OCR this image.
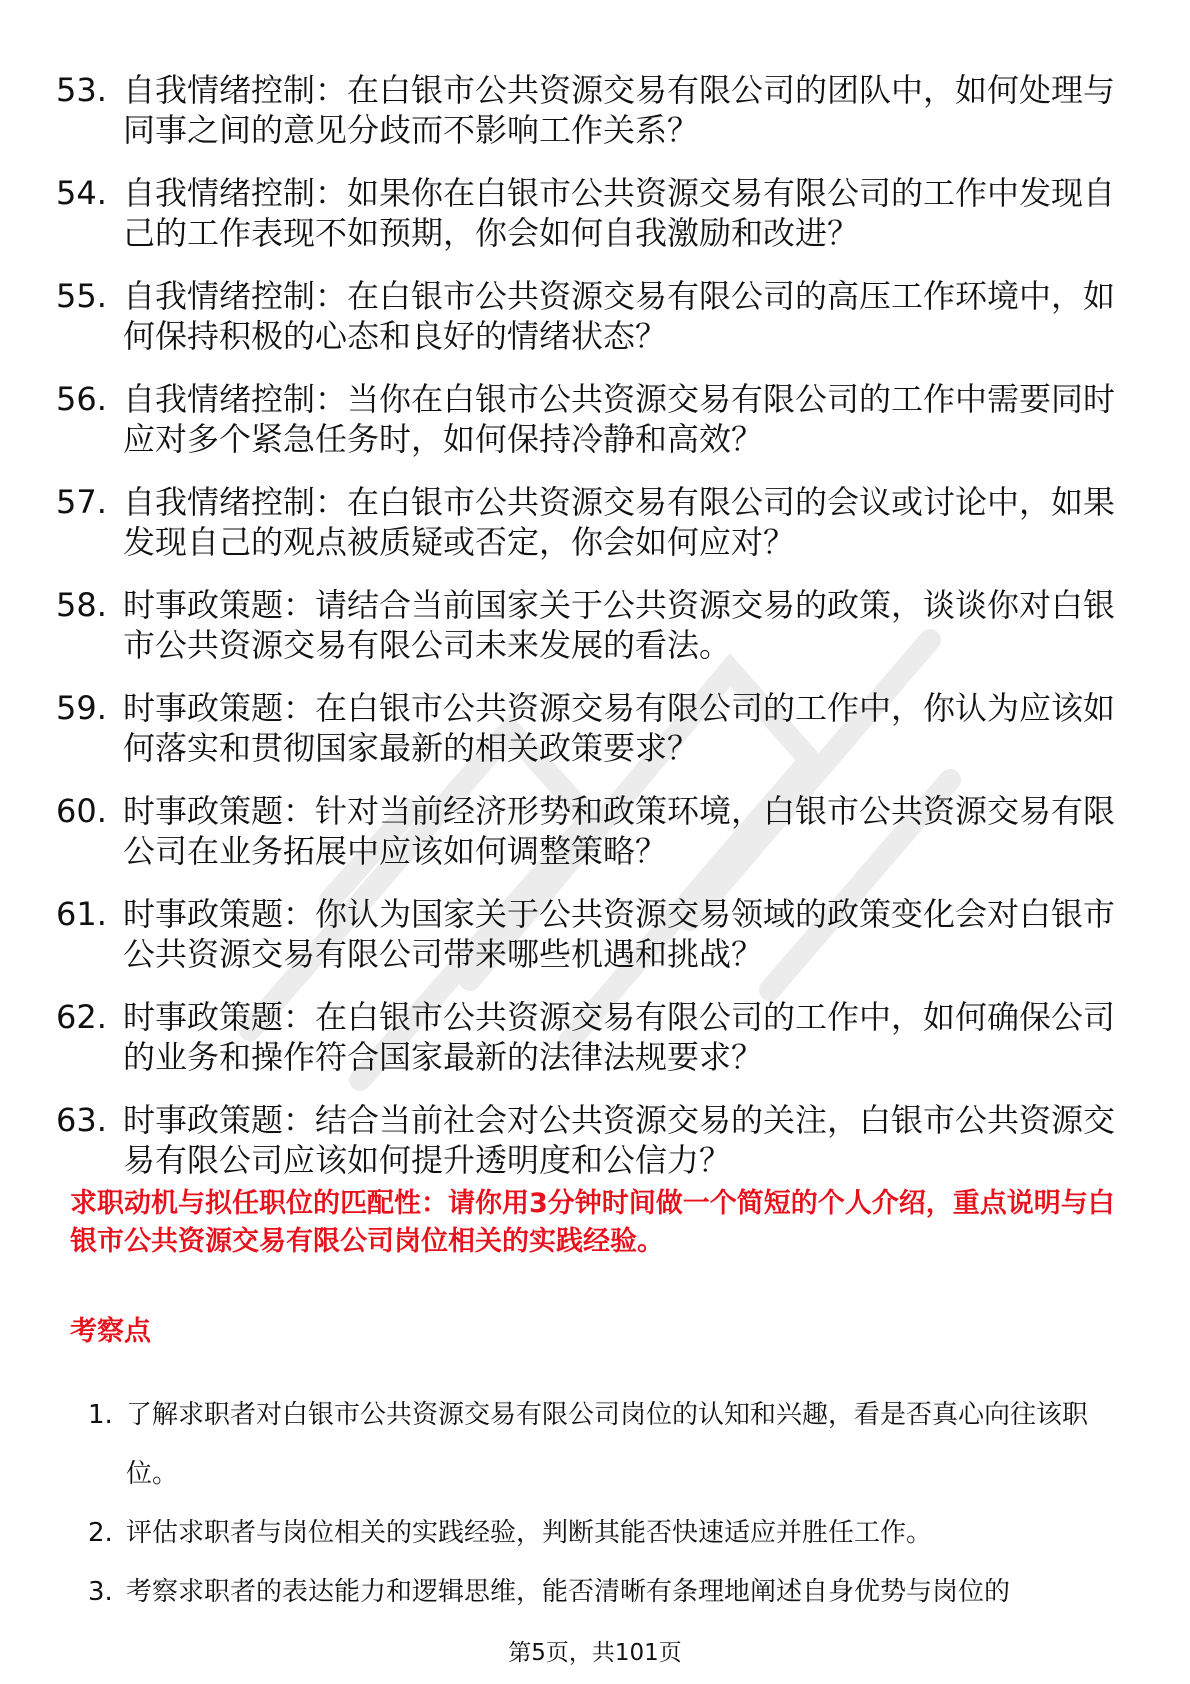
53. 自我情绪控制：在白银市公共资源交易有限公司的团队中，如何处理与同事之间的意见分歧而不影响工作关系？
54. 自我情绪控制：如果你在白银市公共资源交易有限公司的工作中发现自己的工作表现不如预期，你会如何自我激励和改进？
55. 自我情绪控制：在白银市公共资源交易有限公司的高压工作环境中，如何保持积极的心态和良好的情绪状态？
56. 自我情绪控制：当你在白银市公共资源交易有限公司的工作中需要同时应对多个紧急任务时，如何保持冷静和高效？
57. 自我情绪控制：在白银市公共资源交易有限公司的会议或讨论中，如果发现自己的观点被质疑或否定，你会如何应对？
58. 时事政策题：请结合当前国家关于公共资源交易的政策，谈谈你对白银市公共资源交易有限公司未来发展的看法。
59. 时事政策题：在白银市公共资源交易有限公司的工作中，你认为应该如何落实和贯彻国家最新的相关政策要求？
60. 时事政策题：针对当前经济形势和政策环境，白银市公共资源交易有限公司在业务拓展中应该如何调整策略？
61. 时事政策题：你认为国家关于公共资源交易领域的政策变化会对白银市公共资源交易有限公司带来哪些机遇和挑战？
62. 时事政策题：在白银市公共资源交易有限公司的工作中，如何确保公司的业务和操作符合国家最新的法律法规要求？
63. 时事政策题：结合当前社会对公共资源交易的关注，白银市公共资源交易有限公司应该如何提升透明度和公信力？

求职动机与拟任职位的匹配性：请你用3分钟时间做一个简短的个人介绍，重点说明与白银市公共资源交易有限公司岗位相关的实践经验。

考察点
1. 了解求职者对白银市公共资源交易有限公司岗位的认知和兴趣，看是否真心向往该职位。
2. 评估求职者与岗位相关的实践经验，判断其能否快速适应并胜任工作。
3. 考察求职者的表达能力和逻辑思维，能否清晰有条理地阐述自身优势与岗位的
第5页，共101页
